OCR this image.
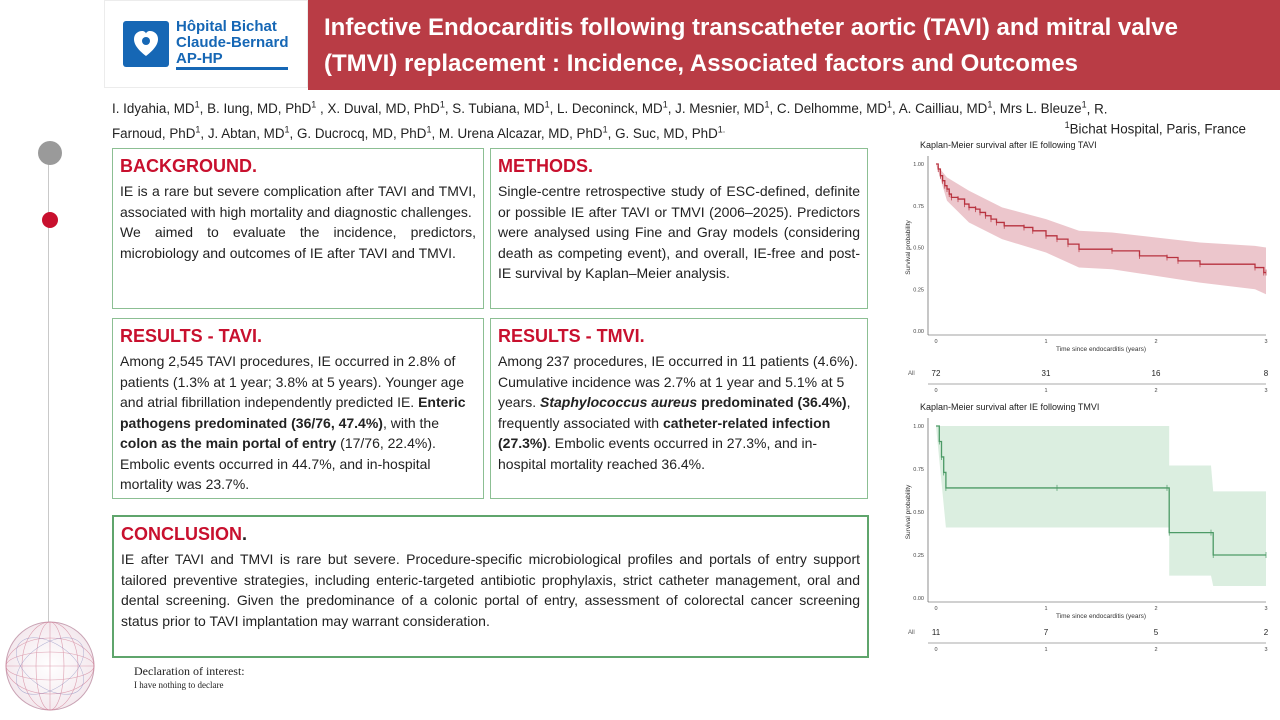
Hôpital Bichat
Claude-Bernard
AP-HP
Infective Endocarditis following transcatheter aortic (TAVI) and mitral valve
(TMVI) replacement : Incidence, Associated factors and Outcomes
I. Idyahia, $MD^1$, B. Iung, MD, PhD$^1$ , X. Duval, MD, PhD$^1$, S. Tubiana, $MD^1$, L. Deconinck, $MD^1$, J. Mesnier, $MD^1$, C. Delhomme, $MD^1$, A. Cailliau, $MD^1$, Mrs L. Bleuze$^1$, R.
Farnoud, PhD$^1$, J. Abtan, $MD^1$, G. Ducrocq, MD, PhD$^1$, M. Urena Alcazar, MD, PhD$^1$, G. Suc, MD, PhD$^{1.}$	$^1$Bichat Hospital, Paris, France
BACKGROUND.

IE is a rare but severe complication after TAVI and TMVI, associated with high mortality and diagnostic challenges.

We aimed to evaluate the incidence, predictors, microbiology and outcomes of IE after TAVI and TMVI.

METHODS.

Single-centre retrospective study of ESC-defined, definite or possible IE after TAVI or TMVI (2006–2025). Predictors were analysed using Fine and Gray models (considering death as competing event), and overall, IE-free and post-IE survival by Kaplan–Meier analysis.

RESULTS - TAVI.

Among 2,545 TAVI procedures, IE occurred in 2.8% of patients (1.3% at 1 year; 3.8% at 5 years). Younger age and atrial fibrillation independently predicted IE. Enteric pathogens predominated (36/76, 47.4%), with the colon as the main portal of entry (17/76, 22.4%). Embolic events occurred in 44.7%, and in-hospital mortality was 23.7%.

RESULTS - TMVI.

Among 237 procedures, IE occurred in 11 patients (4.6%). Cumulative incidence was 2.7% at 1 year and 5.1% at 5 years. Staphylococcus aureus predominated (36.4%), frequently associated with catheter-related infection (27.3%). Embolic events occurred in 27.3%, and in-hospital mortality reached 36.4%.

CONCLUSION.

IE after TAVI and TMVI is rare but severe. Procedure-specific microbiological profiles and portals of entry support tailored preventive strategies, including enteric-targeted antibiotic prophylaxis, strict catheter management, oral and dental screening. Given the predominance of a colonic portal of entry, assessment of colorectal cancer screening status prior to TAVI implantation may warrant consideration.

Declaration of interest:
I have nothing to declare
Kaplan-Meier survival after IE following TAVI
0.00
0.25
0.50
0.75
1.00
0	1	2	3
Survival probability
Time since endocarditis (years)
All 72	31	16	8
0	1	2	3
Kaplan-Meier survival after IE following TMVI
0.00
0.25
0.50
0.75
1.00
0	1	2	3
Survival probability
Time since endocarditis (years)
All 11	7	5	2
0	1	2	3
